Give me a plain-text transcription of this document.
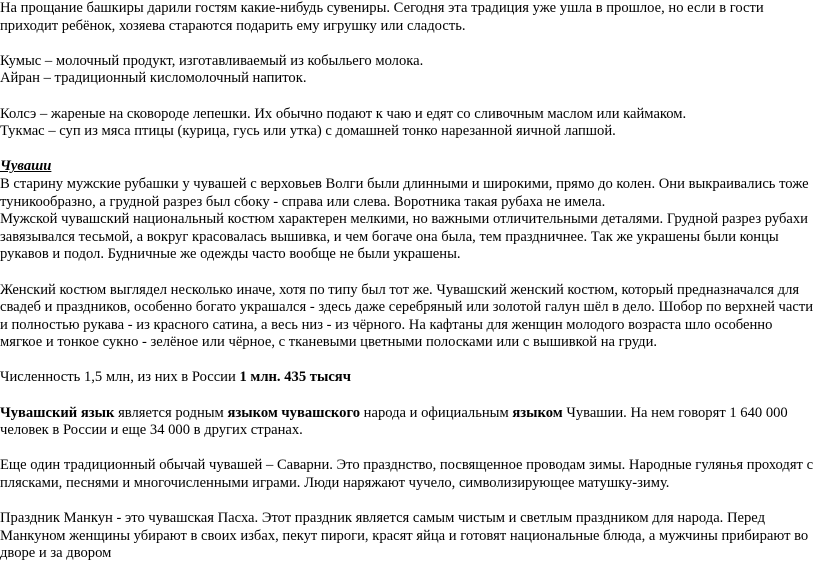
На прощание башкиры дарили гостям какие-нибудь сувениры. Сегодня эта традиция уже ушла в прошлое, но если в гости приходит ребёнок, хозяева стараются подарить ему игрушку или сладость.

Кумыс – молочный продукт, изготавливаемый из кобыльего молока.

Айран – традиционный кисломолочный напиток.

Колсэ – жареные на сковороде лепешки. Их обычно подают к чаю и едят со сливочным маслом или каймаком.

Тукмас – суп из мяса птицы (курица, гусь или утка) с домашней тонко нарезанной яичной лапшой.

Чуваши

В старину мужские рубашки у чувашей с верховьев Волги были длинными и широкими, прямо до колен. Они выкраивались тоже туникообразно, а грудной разрез был сбоку - справа или слева. Воротника такая рубаха не имела.

Мужской чувашский национальный костюм характерен мелкими, но важными отличительными деталями. Грудной разрез рубахи завязывался тесьмой, а вокруг красовалась вышивка, и чем богаче она была, тем праздничнее. Так же украшены были концы рукавов и подол. Будничные же одежды часто вообще не были украшены.

Женский костюм выглядел несколько иначе, хотя по типу был тот же. Чувашский женский костюм, который предназначался для свадеб и праздников, особенно богато украшался - здесь даже серебряный или золотой галун шёл в дело. Шобор по верхней части и полностью рукава - из красного сатина, а весь низ - из чёрного. На кафтаны для женщин молодого возраста шло особенно мягкое и тонкое сукно - зелёное или чёрное, с тканевыми цветными полосками или с вышивкой на груди.

Численность 1,5 млн, из них в России 1 млн. 435 тысяч

Чувашский язык является родным языком чувашского народа и официальным языком Чувашии. На нем говорят 1 640 000 человек в России и еще 34 000 в других странах.

Еще один традиционный обычай чувашей – Саварни. Это празднство, посвященное проводам зимы. Народные гулянья проходят с плясками, песнями и многочисленными играми. Люди наряжают чучело, символизирующее матушку-зиму.

Праздник Манкун - это чувашская Пасха. Этот праздник является самым чистым и светлым праздником для народа. Перед Манкуном женщины убирают в своих избах, пекут пироги, красят яйца и готовят национальные блюда, а мужчины прибирают во дворе и за двором
